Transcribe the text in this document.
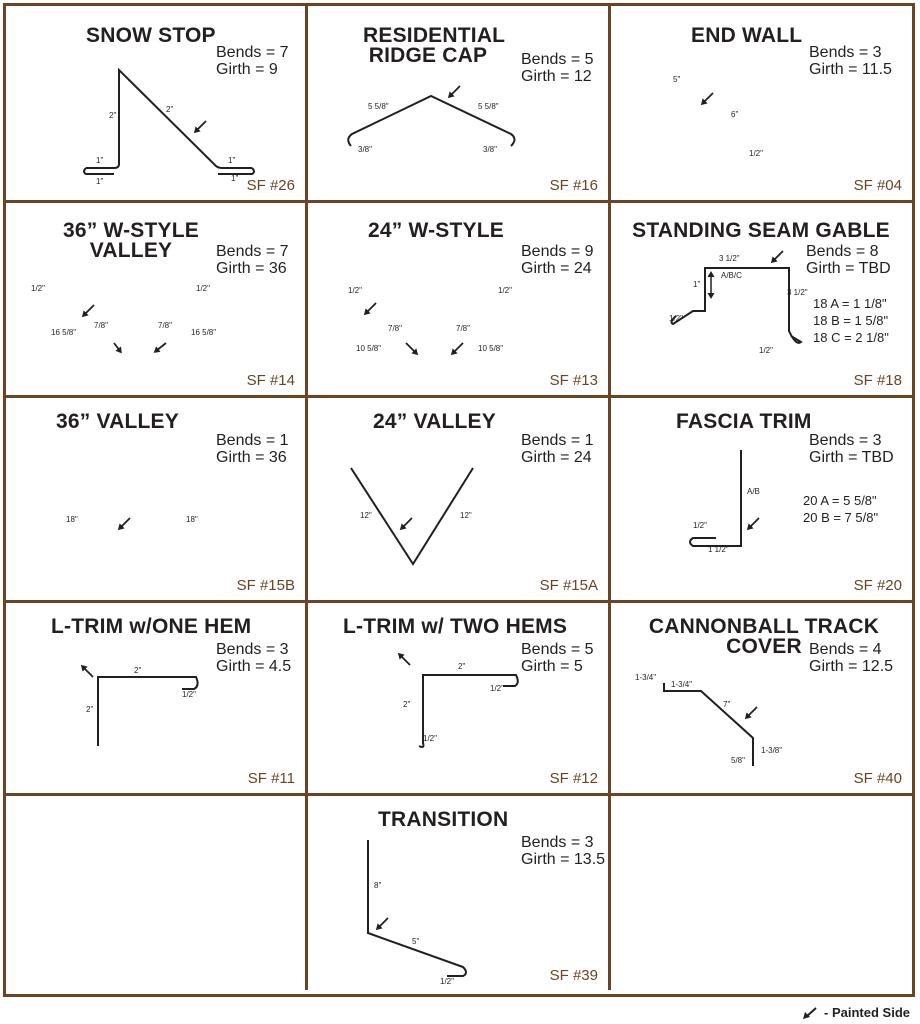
SNOW STOP
Bends = 7
Girth = 9
SF #26
2"
2"
1"
1"
1"
1"
RESIDENTIAL
RIDGE CAP	Bends = 5
Girth = 12
SF #16
5 5/8"	5 5/8"
3/8"	3/8"
END WALL
Bends = 3
Girth = 11.5
SF #04
5"
6"
1/2"
36” W-STYLE
VALLEY	Bends = 7
Girth = 36
SF #14
1/2"	1/2"
16 5/8"
7/8"	7/8"
16 5/8"
24” W-STYLE
Bends = 9
Girth = 24
SF #13
1/2"	1/2"
7/8"	7/8"
10 5/8"	10 5/8"
STANDING SEAM GABLE
Bends = 8
Girth = TBD
18 A = 1 1/8"
18 B = 1 5/8"
18 C = 2 1/8"
SF #18
3 1/2"
A/B/C
1"
3 1/2"
1/2"
1/2"
36” VALLEY
Bends = 1
Girth = 36
SF #15B
18"	18"
24” VALLEY
Bends = 1
Girth = 24
SF #15A
12"	12"
FASCIA TRIM
Bends = 3
Girth = TBD
20 A = 5 5/8"
20 B = 7 5/8"
SF #20
A/B
1/2"
1 1/2"
L-TRIM w/ONE HEM
Bends = 3
Girth = 4.5
SF #11
2"
2"
1/2"
L-TRIM w/ TWO HEMS
Bends = 5
Girth = 5
SF #12
2"
2"
1/2"
1/2"
CANNONBALL TRACK COVER Bends = 4
Girth = 12.5
SF #40
1-3/4"
1-3/4"
7"
1-3/8"
5/8"
TRANSITION
Bends = 3
Girth = 13.5
SF #39
8"
5"
1/2"
- Painted Side
